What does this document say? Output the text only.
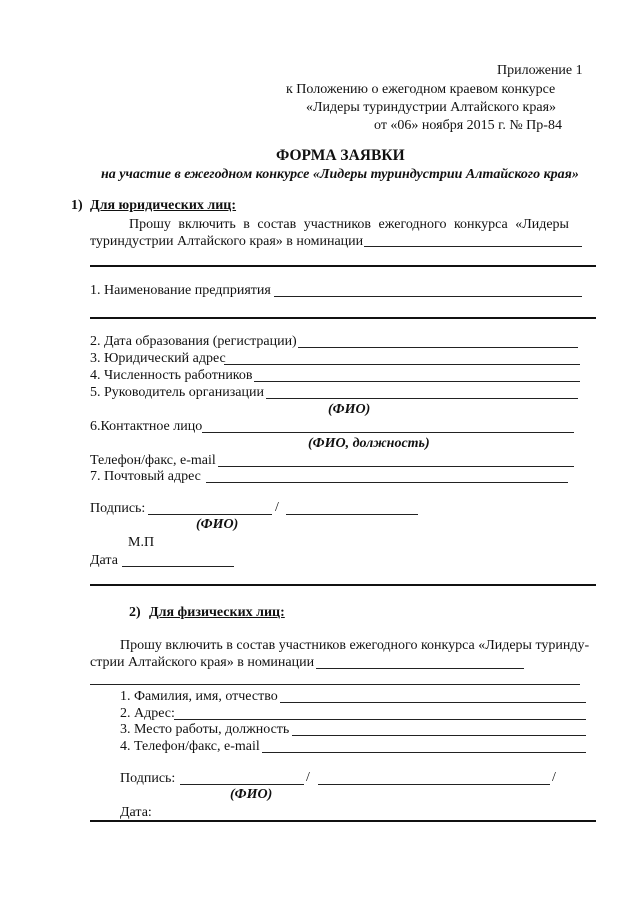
Приложение 1
к Положению о ежегодном краевом конкурсе
«Лидеры туриндустрии Алтайского края»
от «06» ноября 2015 г. № Пр-84
ФОРМА ЗАЯВКИ
на участие в ежегодном конкурсе «Лидеры туриндустрии Алтайского края»
1) Для юридических лиц:
Прошу включить в состав участников ежегодного конкурса «Лидеры
туриндустрии Алтайского края» в номинации
1. Наименование предприятия
2. Дата образования (регистрации)
3. Юридический адрес
4. Численность работников
5. Руководитель организации
(ФИО)
6.Контактное лицо
(ФИО, должность)
Телефон/факс, e-mail
7. Почтовый адрес
Подпись:	/
(ФИО)
М.П
Дата
2) Для физических лиц:
Прошу включить в состав участников ежегодного конкурса «Лидеры туринду-
стрии Алтайского края» в номинации
1. Фамилия, имя, отчество
2. Адрес:
3. Место работы, должность
4. Телефон/факс, e-mail
Подпись:	/	/
(ФИО)
Дата:
